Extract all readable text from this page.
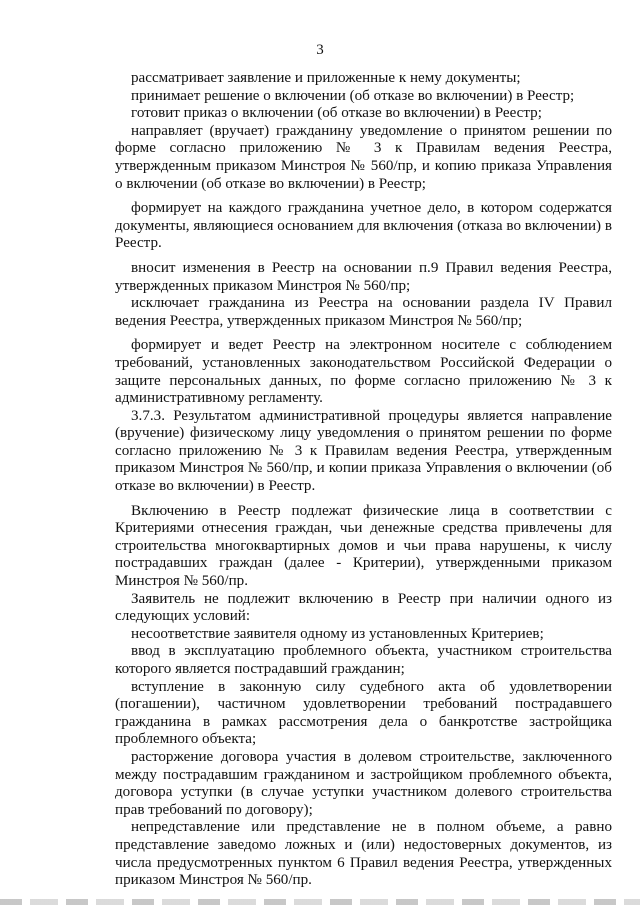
3

рассматривает заявление и приложенные к нему документы;

принимает решение о включении (об отказе во включении) в Реестр;

готовит приказ о включении (об отказе во включении) в Реестр;

направляет (вручает) гражданину уведомление о принятом решении по форме согласно приложению № 3 к Правилам ведения Реестра, утвержденным приказом Минстроя № 560/пр, и копию приказа Управления о включении (об отказе во включении) в Реестр;

формирует на каждого гражданина учетное дело, в котором содержатся документы, являющиеся основанием для включения (отказа во включении) в Реестр.

вносит изменения в Реестр на основании п.9 Правил ведения Реестра, утвержденных приказом Минстроя № 560/пр;

исключает гражданина из Реестра на основании раздела IV Правил ведения Реестра, утвержденных приказом Минстроя № 560/пр;

формирует и ведет Реестр на электронном носителе с соблюдением требований, установленных законодательством Российской Федерации о защите персональных данных, по форме согласно приложению № 3 к административному регламенту.

3.7.3. Результатом административной процедуры является направление (вручение) физическому лицу уведомления о принятом решении по форме согласно приложению № 3 к Правилам ведения Реестра, утвержденным приказом Минстроя № 560/пр, и копии приказа Управления о включении (об отказе во включении) в Реестр.

Включению в Реестр подлежат физические лица в соответствии с Критериями отнесения граждан, чьи денежные средства привлечены для строительства многоквартирных домов и чьи права нарушены, к числу пострадавших граждан (далее - Критерии), утвержденными приказом Минстроя № 560/пр.

Заявитель не подлежит включению в Реестр при наличии одного из следующих условий:

несоответствие заявителя одному из установленных Критериев;

ввод в эксплуатацию проблемного объекта, участником строительства которого является пострадавший гражданин;

вступление в законную силу судебного акта об удовлетворении (погашении), частичном удовлетворении требований пострадавшего гражданина в рамках рассмотрения дела о банкротстве застройщика проблемного объекта;

расторжение договора участия в долевом строительстве, заключенного между пострадавшим гражданином и застройщиком проблемного объекта, договора уступки (в случае уступки участником долевого строительства прав требований по договору);

непредставление или представление не в полном объеме, а равно представление заведомо ложных и (или) недостоверных документов, из числа предусмотренных пунктом 6 Правил ведения Реестра, утвержденных приказом Минстроя № 560/пр.
